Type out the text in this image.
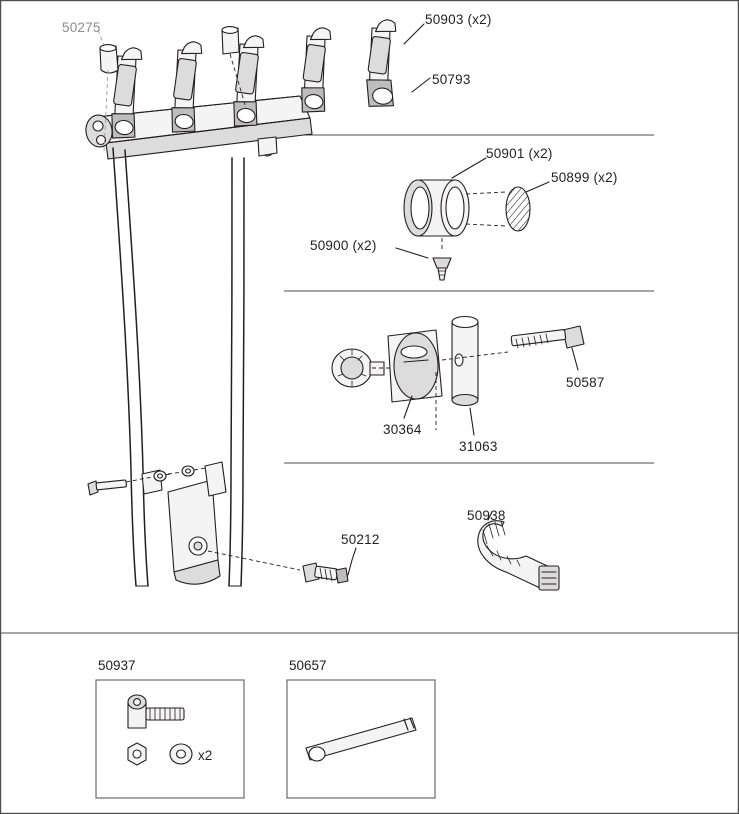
50275
50903 (x2)
50793
50901 (x2)
50899 (x2)
50900 (x2)
50587
30364
31063
50212
50938
50937	50657
x2
